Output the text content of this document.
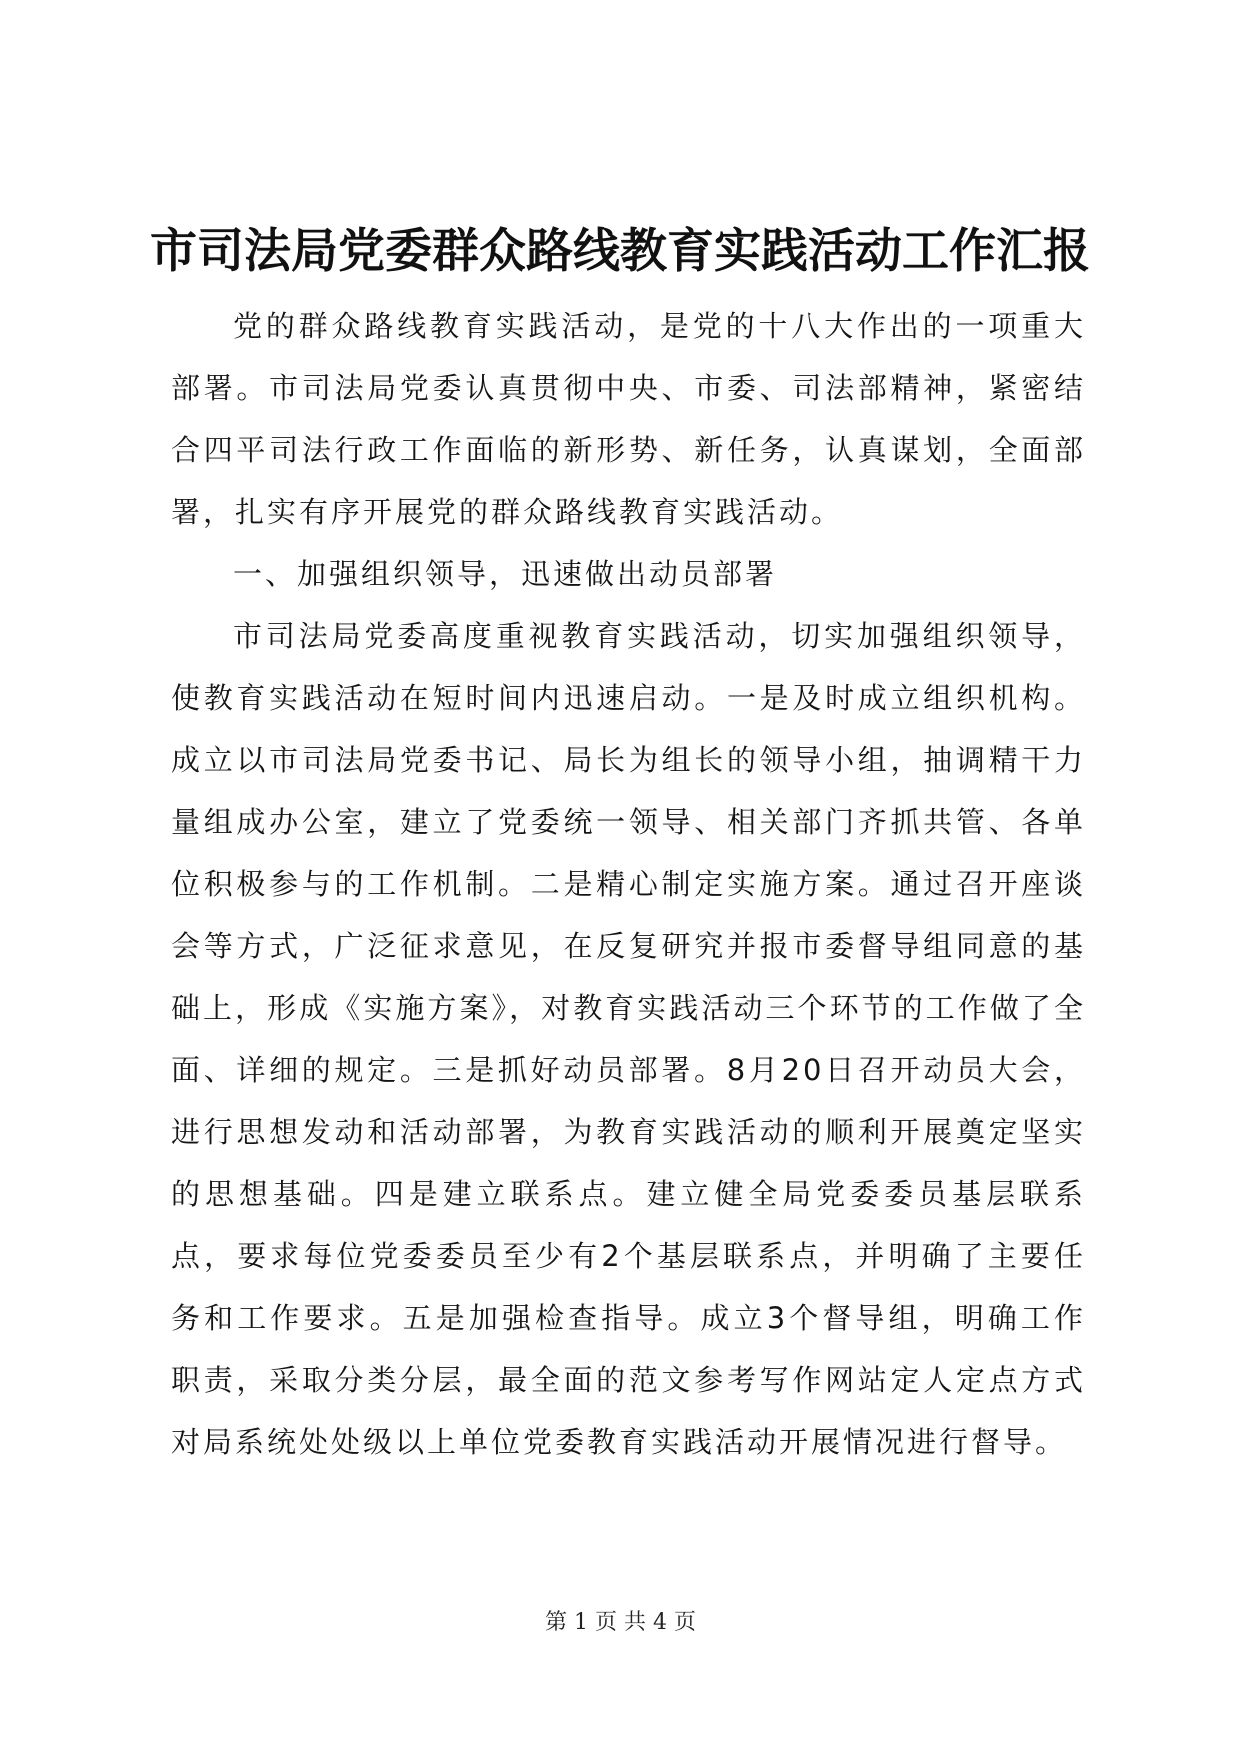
市司法局党委群众路线教育实践活动工作汇报

党的群众路线教育实践活动，是党的十八大作出的一项重大部署。市司法局党委认真贯彻中央、市委、司法部精神，紧密结合四平司法行政工作面临的新形势、新任务，认真谋划，全面部署，扎实有序开展党的群众路线教育实践活动。

一、加强组织领导，迅速做出动员部署

市司法局党委高度重视教育实践活动，切实加强组织领导，使教育实践活动在短时间内迅速启动。一是及时成立组织机构。成立以市司法局党委书记、局长为组长的领导小组，抽调精干力量组成办公室，建立了党委统一领导、相关部门齐抓共管、各单位积极参与的工作机制。二是精心制定实施方案。通过召开座谈会等方式，广泛征求意见，在反复研究并报市委督导组同意的基础上，形成《实施方案》，对教育实践活动三个环节的工作做了全面、详细的规定。三是抓好动员部署。8月20日召开动员大会，进行思想发动和活动部署，为教育实践活动的顺利开展奠定坚实的思想基础。四是建立联系点。建立健全局党委委员基层联系点，要求每位党委委员至少有2个基层联系点，并明确了主要任务和工作要求。五是加强检查指导。成立3个督导组，明确工作职责，采取分类分层，最全面的范文参考写作网站定人定点方式对局系统处处级以上单位党委教育实践活动开展情况进行督导。

第 1 页 共 4 页
